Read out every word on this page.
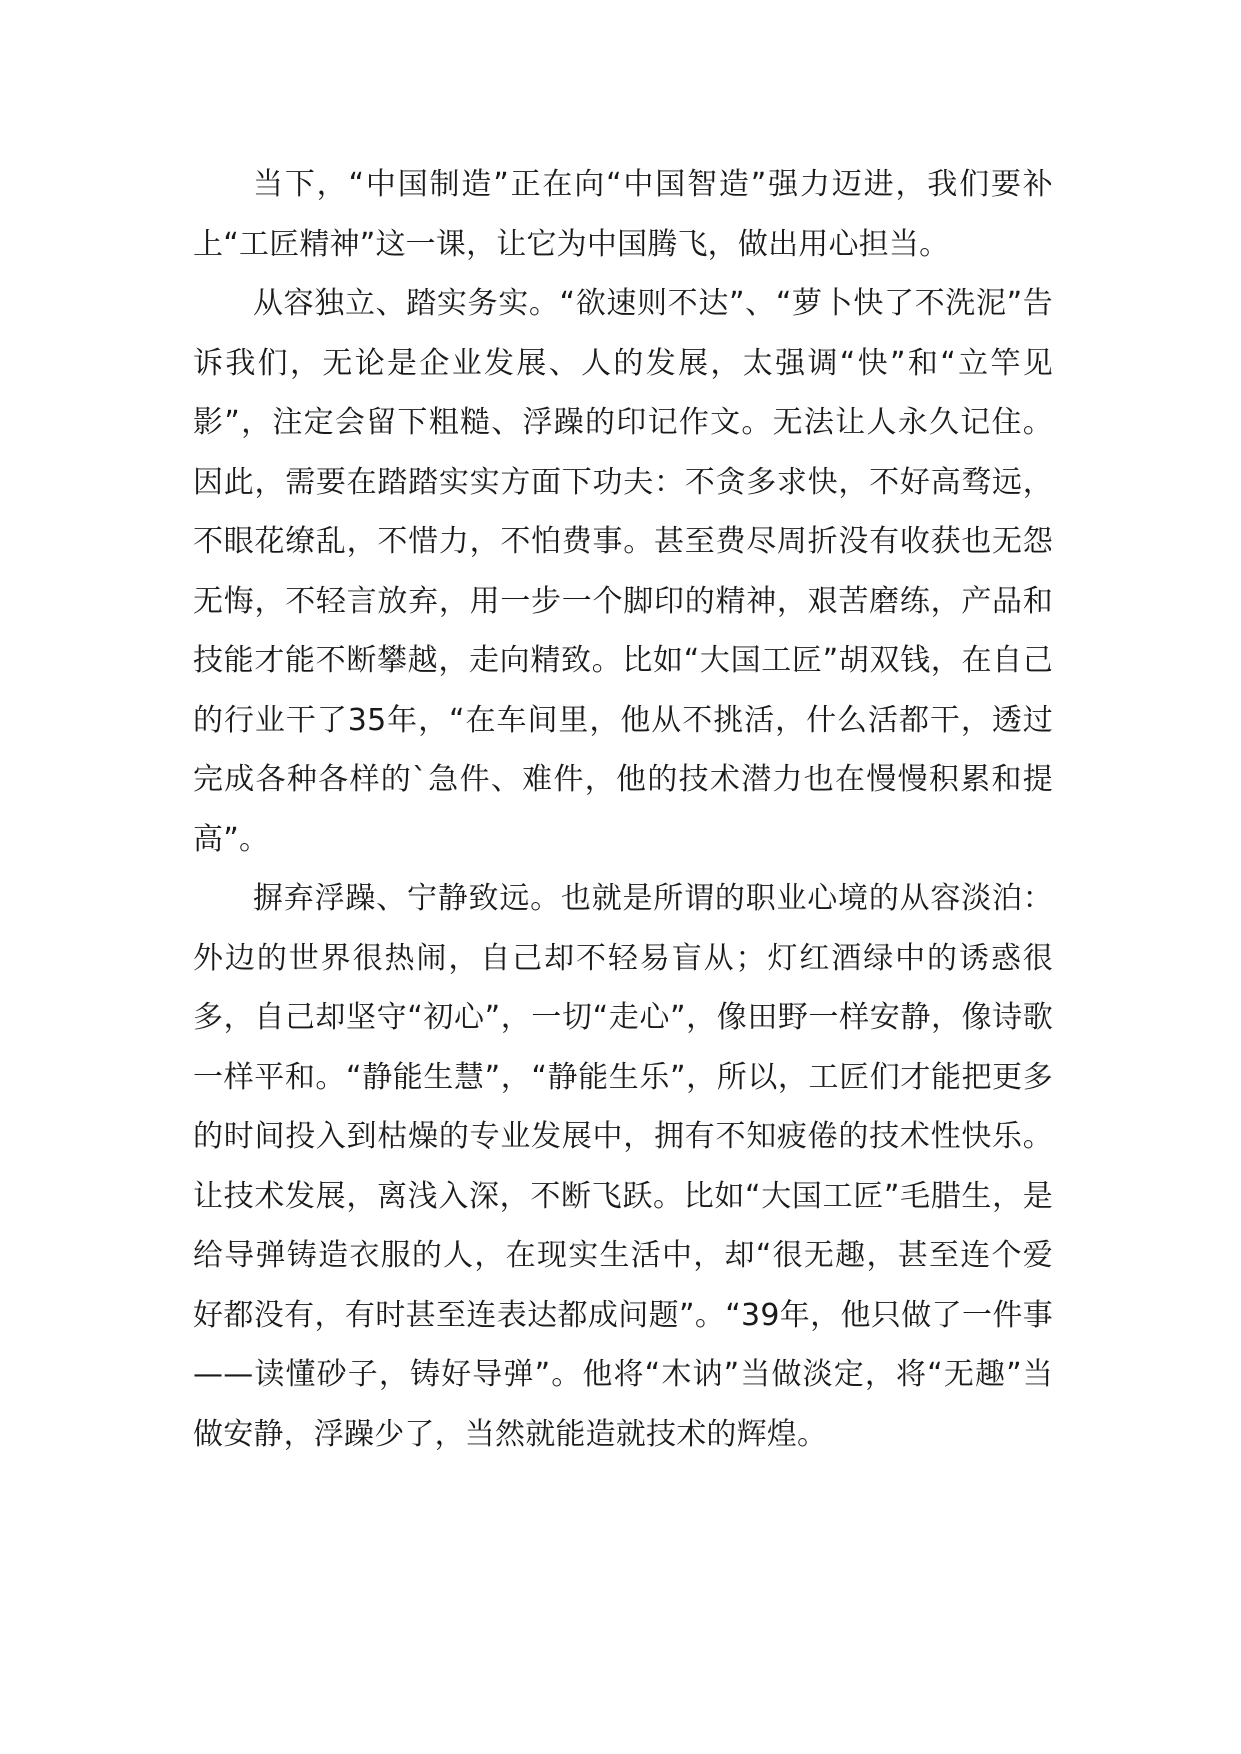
当下，“中国制造”正在向“中国智造”强力迈进，我们要补上“工匠精神”这一课，让它为中国腾飞，做出用心担当。

从容独立、踏实务实。“欲速则不达”、“萝卜快了不洗泥”告诉我们，无论是企业发展、人的发展，太强调“快”和“立竿见影”，注定会留下粗糙、浮躁的印记作文。无法让人永久记住。因此，需要在踏踏实实方面下功夫：不贪多求快，不好高骛远，不眼花缭乱，不惜力，不怕费事。甚至费尽周折没有收获也无怨无悔，不轻言放弃，用一步一个脚印的精神，艰苦磨练，产品和技能才能不断攀越，走向精致。比如“大国工匠”胡双钱，在自己的行业干了35年，“在车间里，他从不挑活，什么活都干，透过完成各种各样的`急件、难件，他的技术潜力也在慢慢积累和提高”。

摒弃浮躁、宁静致远。也就是所谓的职业心境的从容淡泊：外边的世界很热闹，自己却不轻易盲从；灯红酒绿中的诱惑很多，自己却坚守“初心”，一切“走心”，像田野一样安静，像诗歌一样平和。“静能生慧”，“静能生乐”，所以，工匠们才能把更多的时间投入到枯燥的专业发展中，拥有不知疲倦的技术性快乐。让技术发展，离浅入深，不断飞跃。比如“大国工匠”毛腊生，是给导弹铸造衣服的人，在现实生活中，却“很无趣，甚至连个爱好都没有，有时甚至连表达都成问题”。“39年，他只做了一件事——读懂砂子，铸好导弹”。他将“木讷”当做淡定，将“无趣”当做安静，浮躁少了，当然就能造就技术的辉煌。
